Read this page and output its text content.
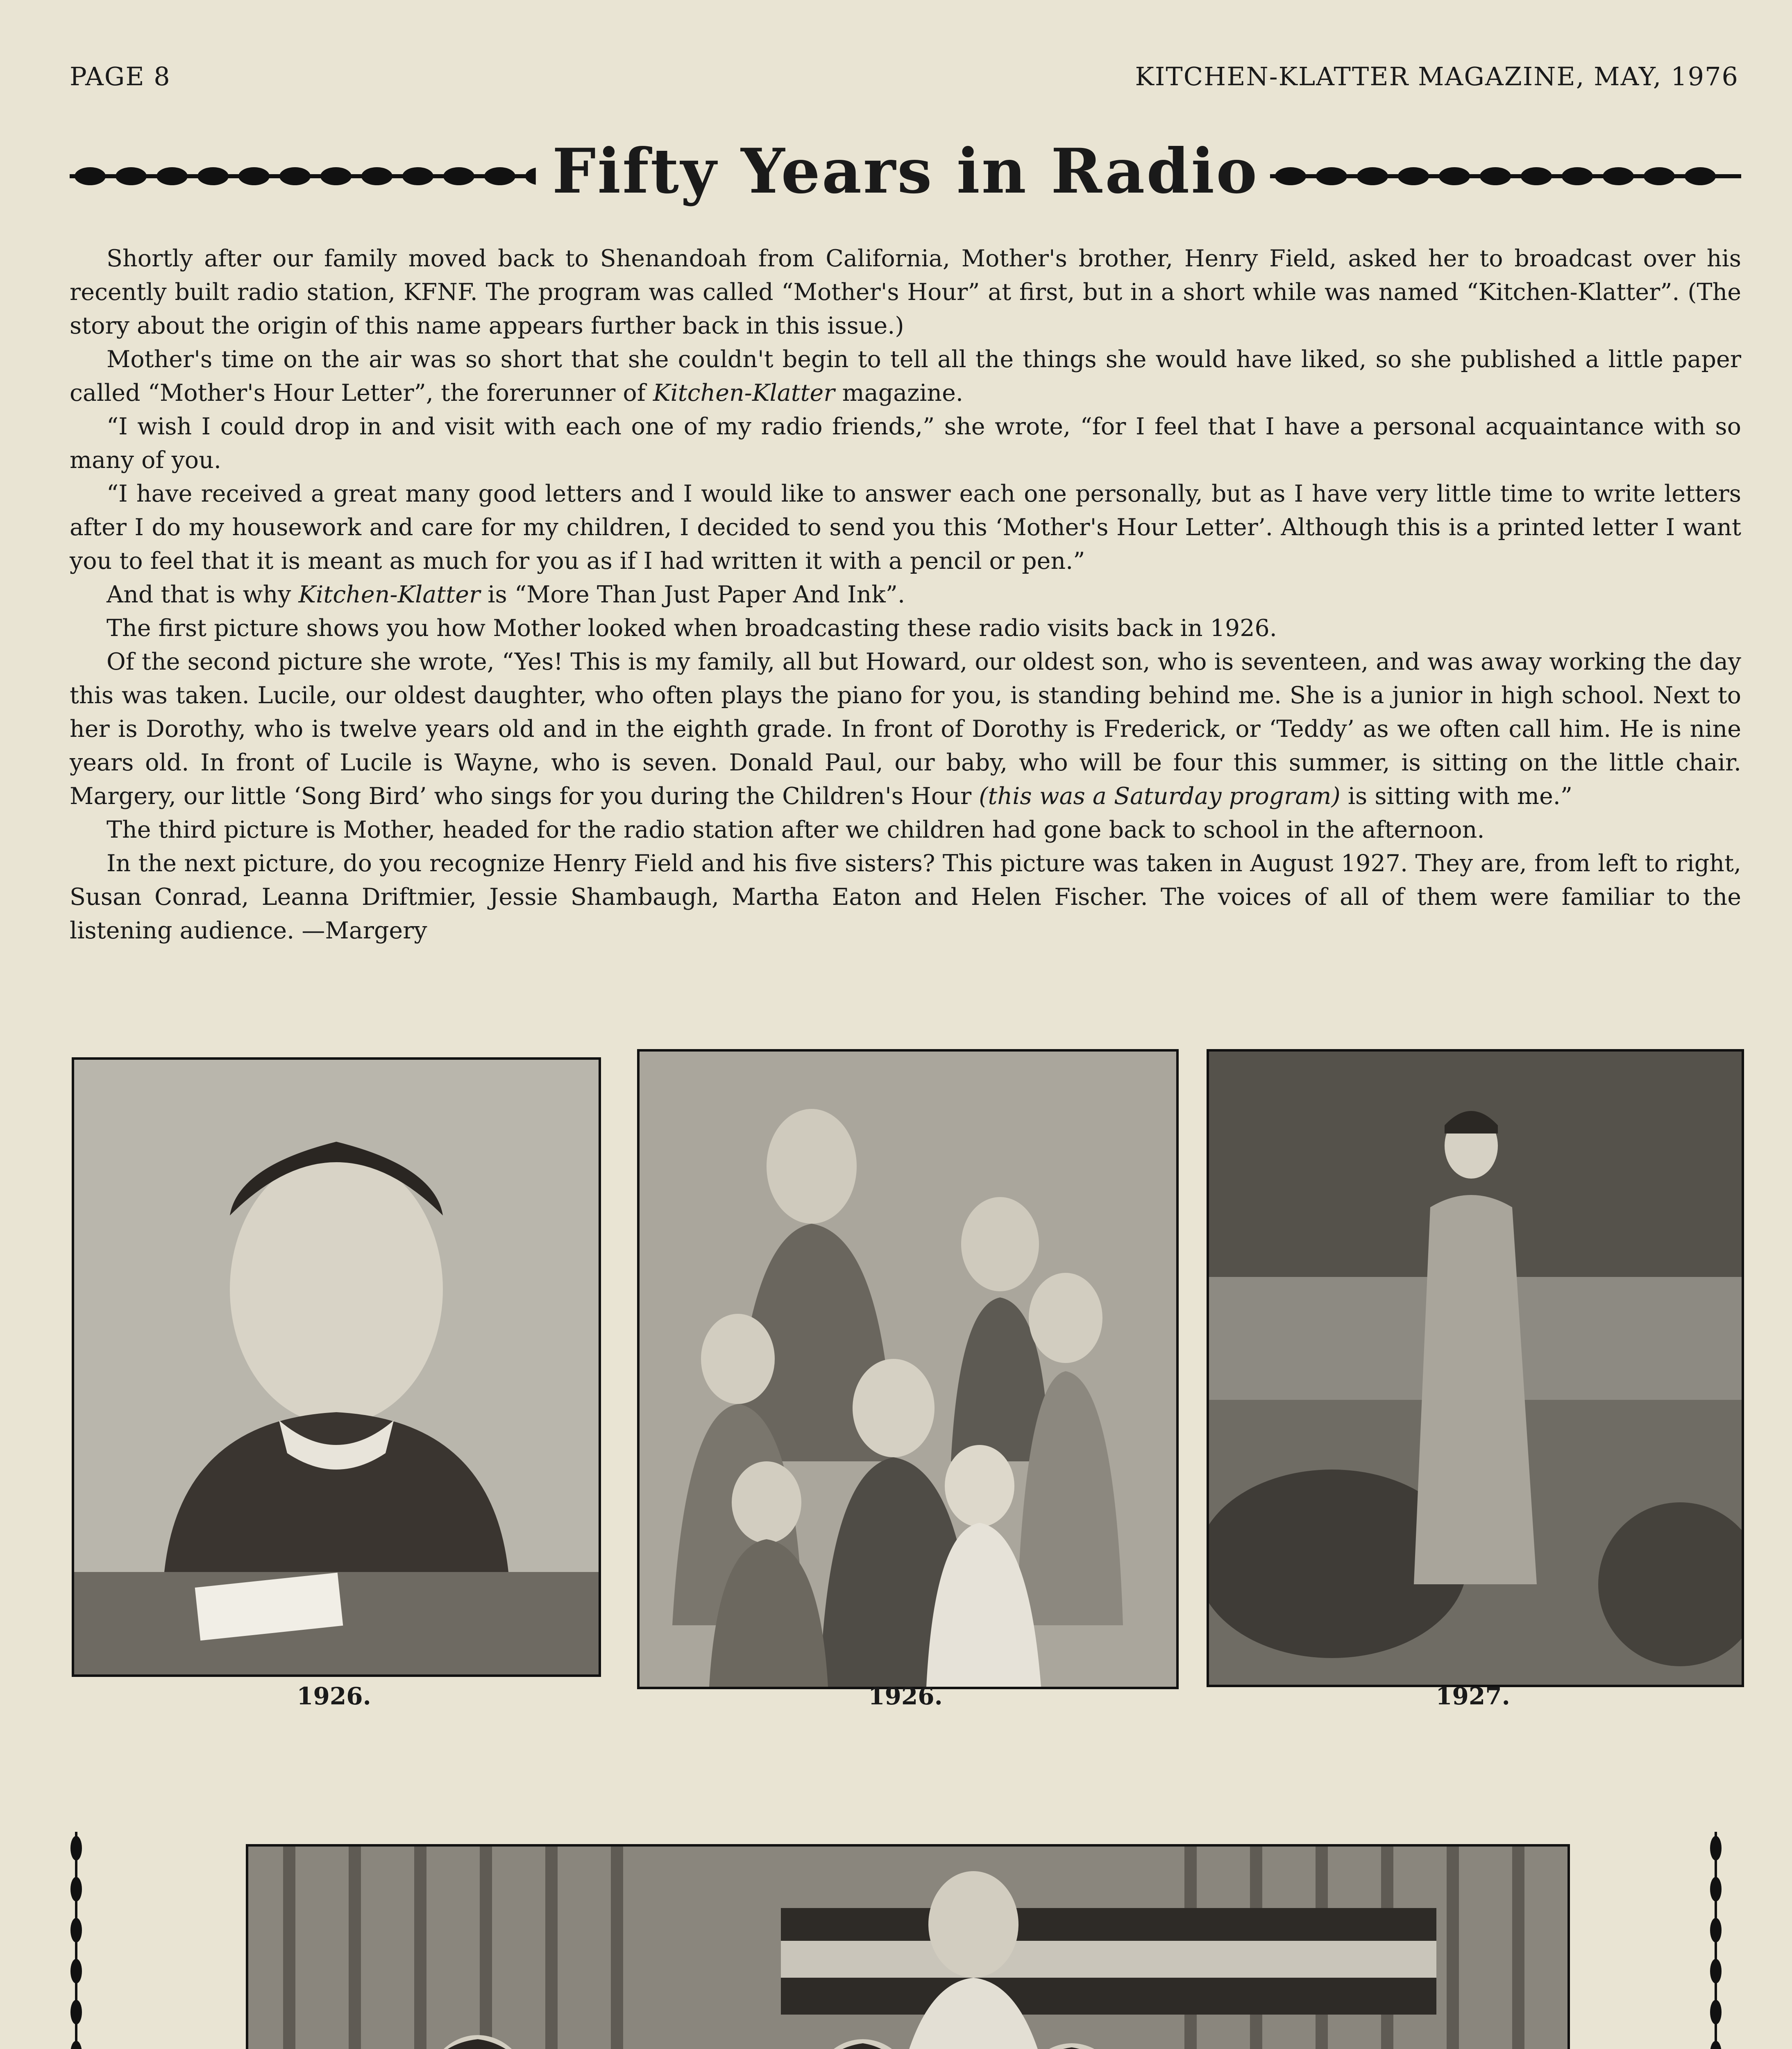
PAGE 8	KITCHEN-KLATTER MAGAZINE, MAY, 1976
Fifty Years in Radio

Shortly after our family moved back to Shenandoah from California, Mother's brother, Henry Field, asked her to broadcast over his recently built radio station, KFNF. The program was called “Mother's Hour” at first, but in a short while was named “Kitchen-Klatter”. (The story about the origin of this name appears further back in this issue.)

Mother's time on the air was so short that she couldn't begin to tell all the things she would have liked, so she published a little paper called “Mother's Hour Letter”, the forerunner of Kitchen-Klatter magazine.

“I wish I could drop in and visit with each one of my radio friends,” she wrote, “for I feel that I have a personal acquaintance with so many of you.

“I have received a great many good letters and I would like to answer each one personally, but as I have very little time to write letters after I do my housework and care for my children, I decided to send you this ‘Mother's Hour Letter’. Although this is a printed letter I want you to feel that it is meant as much for you as if I had written it with a pencil or pen.”

And that is why Kitchen-Klatter is “More Than Just Paper And Ink”.

The first picture shows you how Mother looked when broadcasting these radio visits back in 1926.

Of the second picture she wrote, “Yes! This is my family, all but Howard, our oldest son, who is seventeen, and was away working the day this was taken. Lucile, our oldest daughter, who often plays the piano for you, is standing behind me. She is a junior in high school. Next to her is Dorothy, who is twelve years old and in the eighth grade. In front of Dorothy is Frederick, or ‘Teddy’ as we often call him. He is nine years old. In front of Lucile is Wayne, who is seven. Donald Paul, our baby, who will be four this summer, is sitting on the little chair. Margery, our little ‘Song Bird’ who sings for you during the Children's Hour (this was a Saturday program) is sitting with me.”

The third picture is Mother, headed for the radio station after we children had gone back to school in the afternoon.

In the next picture, do you recognize Henry Field and his five sisters? This picture was taken in August 1927. They are, from left to right, Susan Conrad, Leanna Driftmier, Jessie Shambaugh, Martha Eaton and Helen Fischer. The voices of all of them were familiar to the listening audience. —Margery

1926.	1926.	1927.
